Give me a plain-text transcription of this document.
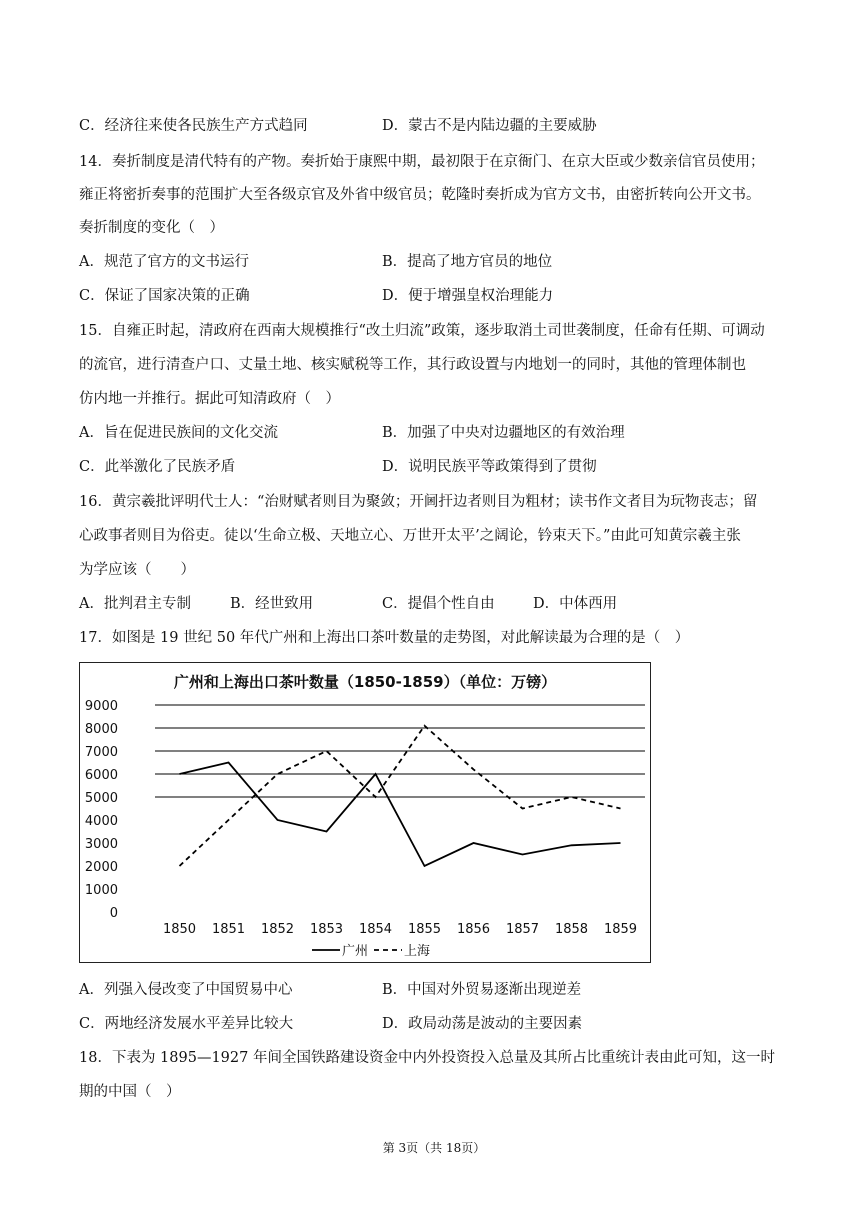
C．经济往来使各民族生产方式趋同	D．蒙古不是内陆边疆的主要威胁
14．奏折制度是清代特有的产物。奏折始于康熙中期，最初限于在京衙门、在京大臣或少数亲信官员使用；
雍正将密折奏事的范围扩大至各级京官及外省中级官员；乾隆时奏折成为官方文书，由密折转向公开文书。
奏折制度的变化（　）
A．规范了官方的文书运行	B．提高了地方官员的地位
C．保证了国家决策的正确	D．便于增强皇权治理能力
15．自雍正时起，清政府在西南大规模推行“改土归流”政策，逐步取消土司世袭制度，任命有任期、可调动
的流官，进行清查户口、丈量土地、核实赋税等工作，其行政设置与内地划一的同时，其他的管理体制也
仿内地一并推行。据此可知清政府（　）
A．旨在促进民族间的文化交流	B．加强了中央对边疆地区的有效治理
C．此举激化了民族矛盾	D．说明民族平等政策得到了贯彻
16．黄宗羲批评明代士人：“治财赋者则目为聚敛；开阃扞边者则目为粗材；读书作文者目为玩物丧志；留
心政事者则目为俗吏。徒以‘生命立极、天地立心、万世开太平’之阔论，钤束天下。”由此可知黄宗羲主张
为学应该（　　）
A．批判君主专制	B．经世致用	C．提倡个性自由	D．中体西用
17．如图是 19 世纪 50 年代广州和上海出口茶叶数量的走势图，对此解读最为合理的是（　）
广州和上海出口茶叶数量（1850-1859）（单位：万镑）
0
1000
2000
3000
4000
5000
6000
7000
8000
9000
1850 1851 1852 1853 1854 1855 1856 1857 1858 1859
广州	上海
A．列强入侵改变了中国贸易中心	B．中国对外贸易逐渐出现逆差
C．两地经济发展水平差异比较大	D．政局动荡是波动的主要因素
18．下表为 1895—1927 年间全国铁路建设资金中内外投资投入总量及其所占比重统计表由此可知，这一时
期的中国（　）
第 3页（共 18页）
